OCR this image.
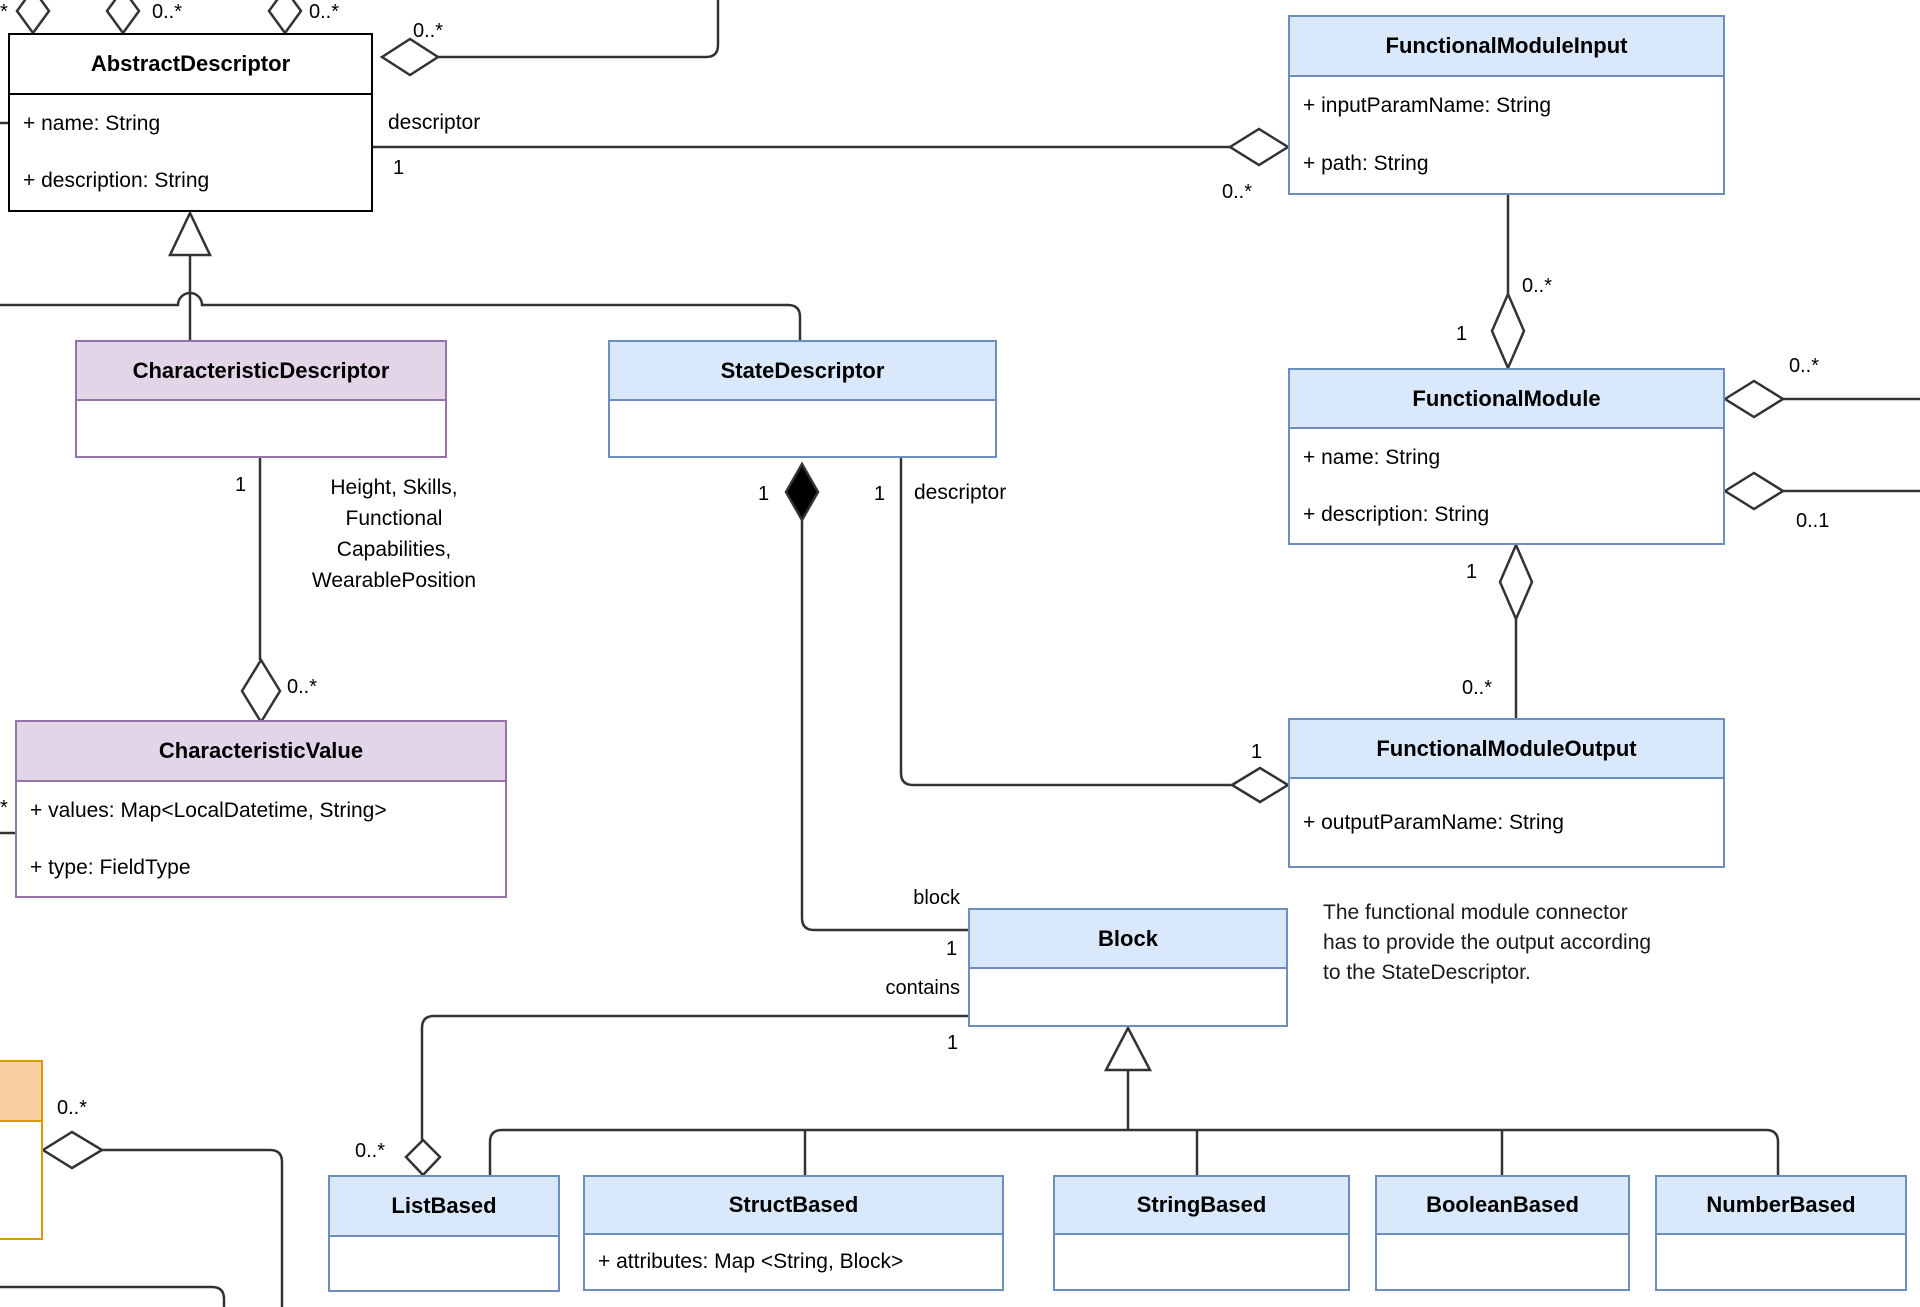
AbstractDescriptor
+ name: String
+ description: String
CharacteristicDescriptor	StateDescriptor
FunctionalModuleInput
+ inputParamName: String
+ path: String
FunctionalModule
+ name: String
+ description: String
FunctionalModuleOutput
+ outputParamName: String
CharacteristicValue
+ values: Map<LocalDatetime, String>
+ type: FieldType
Block
ListBased	StructBased
+ attributes: Map <String, Block>
StringBased	BooleanBased	NumberBased
*	0..*	0..*
0..*
descriptor
1
0..*
0..*
1
0..*
0..1
1
0..*
1
1
0..*
*
1	1 descriptor
block
1
contains
1
0..*
0..*
Height, Skills,
Functional
Capabilities,
WearablePosition
The functional module connector
has to provide the output according
to the StateDescriptor.
